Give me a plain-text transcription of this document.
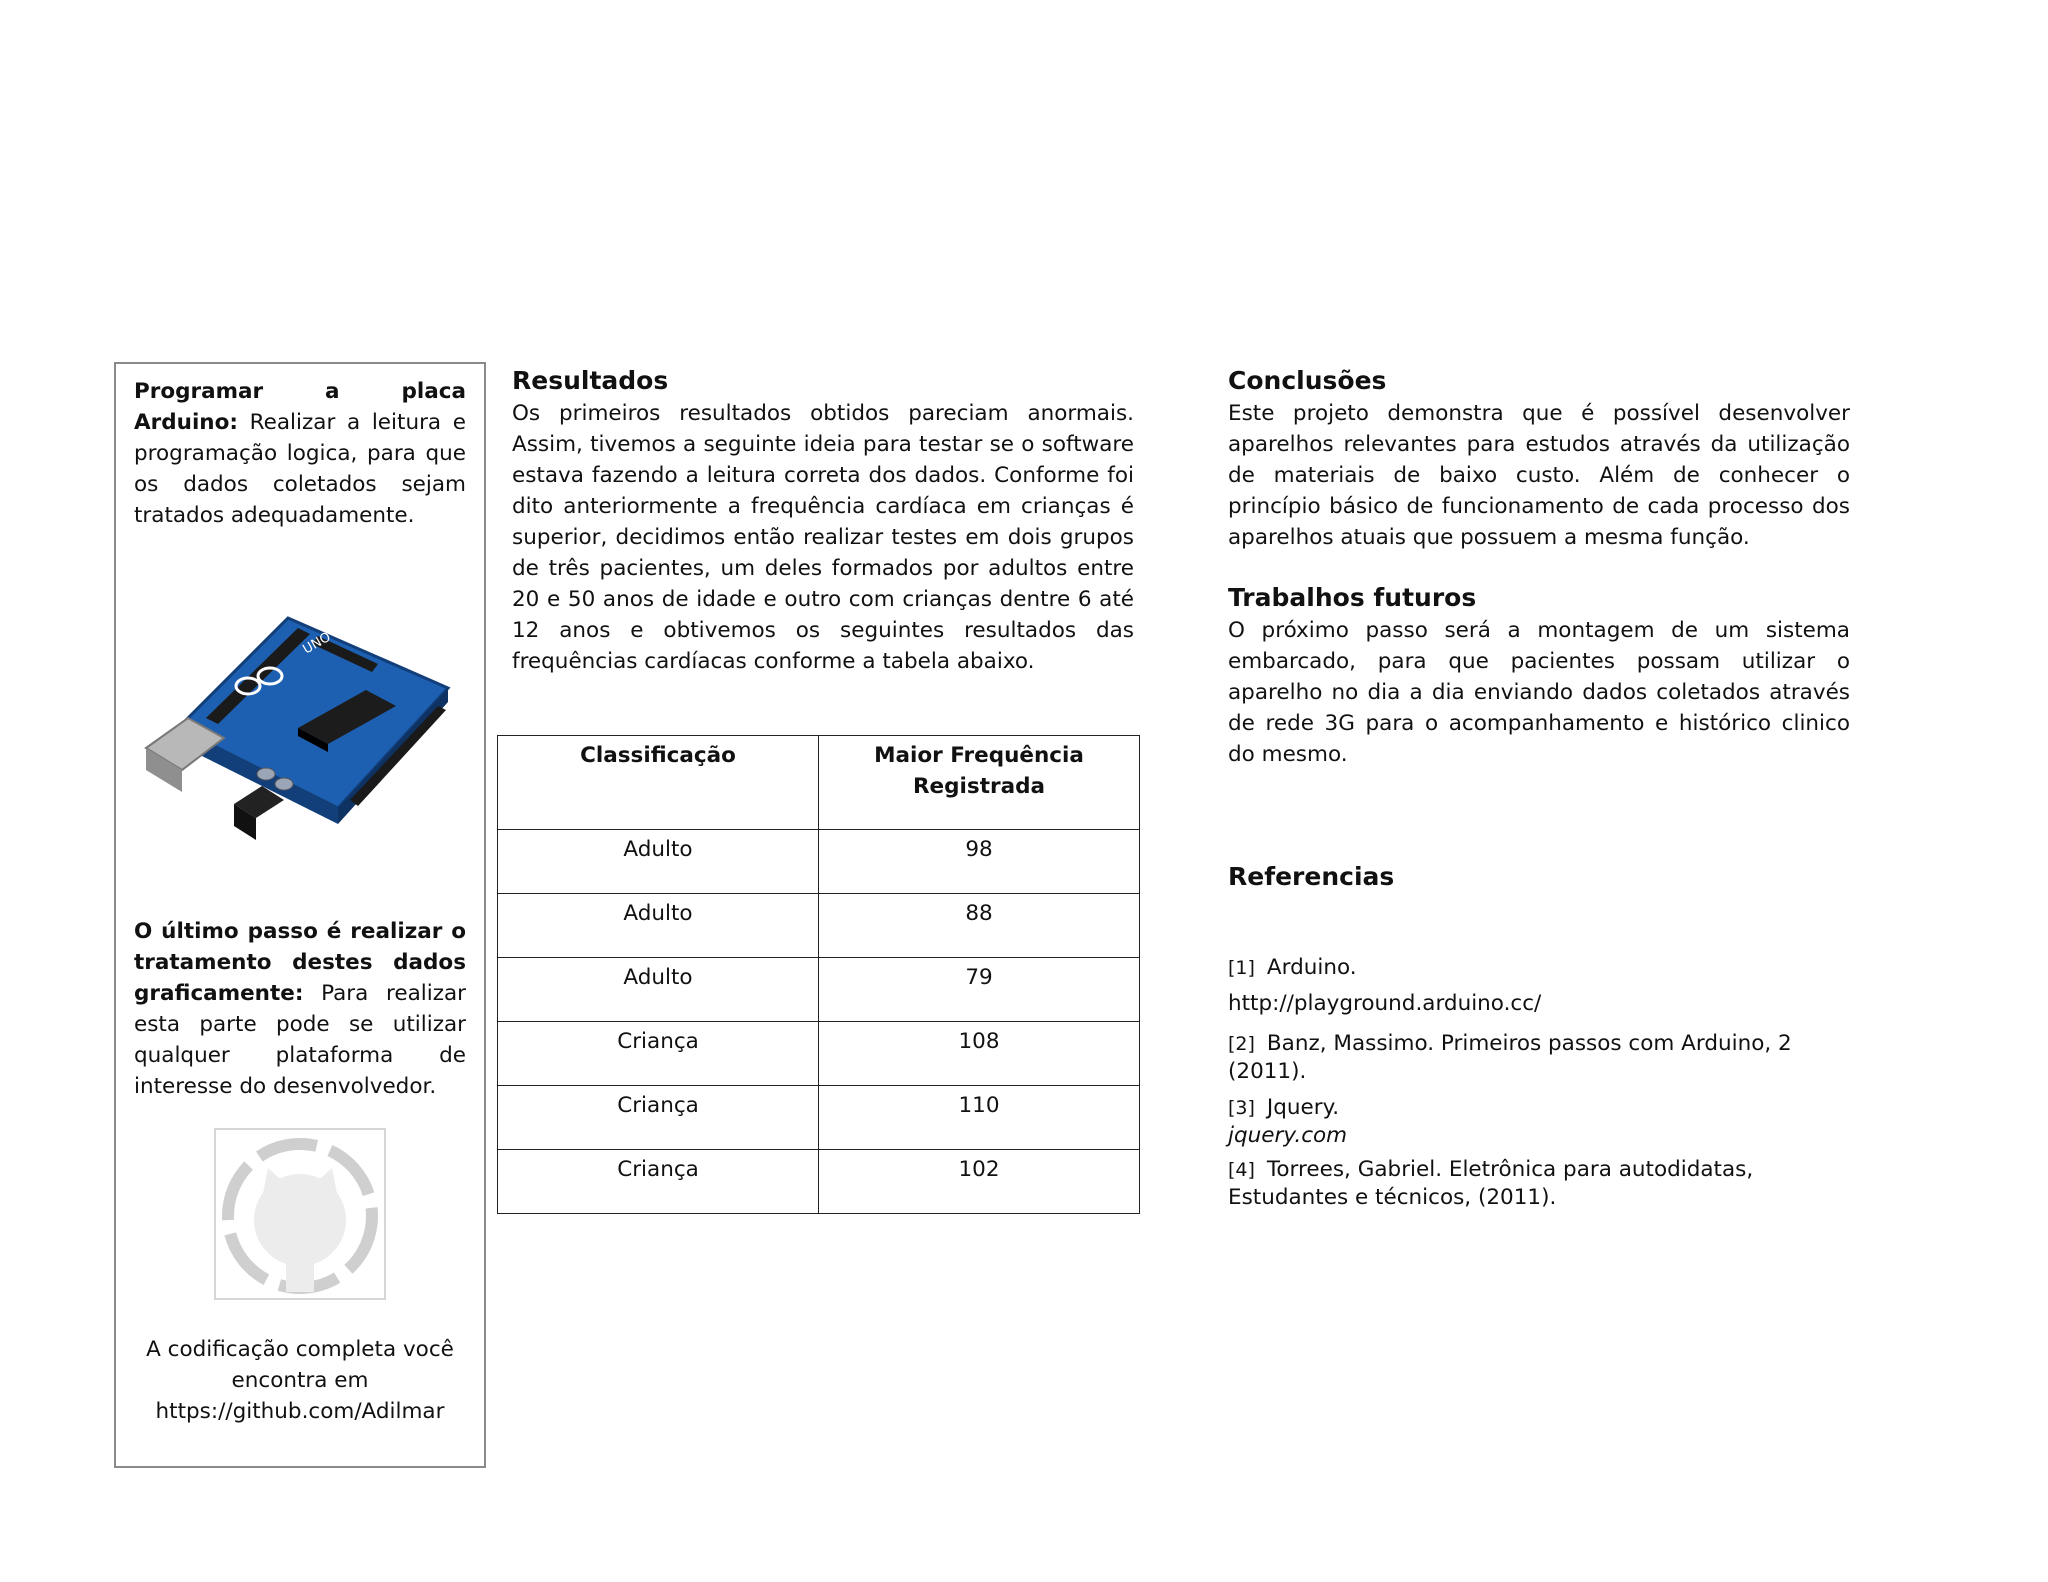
Programar a placa Arduino: Realizar a leitura e programação logica, para que os dados coletados sejam tratados adequadamente.
UNO
O último passo é realizar o tratamento destes dados graficamente: Para realizar esta parte pode se utilizar qualquer plataforma de interesse do desenvolvedor.
A codificação completa você
encontra em
https://github.com/Adilmar
Resultados
Os primeiros resultados obtidos pareciam anormais. Assim, tivemos a seguinte ideia para testar se o software estava fazendo a leitura correta dos dados. Conforme foi dito anteriormente a frequência cardíaca em crianças é superior, decidimos então realizar testes em dois grupos de três pacientes, um deles formados por adultos entre 20 e 50 anos de idade e outro com crianças dentre 6 até 12 anos e obtivemos os seguintes resultados das frequências cardíacas conforme a tabela abaixo.
Classificação	Maior Frequência Registrada
Adulto	98
Adulto	88
Adulto	79
Criança	108
Criança	110
Criança	102
Conclusões
Este projeto demonstra que é possível desenvolver aparelhos relevantes para estudos através da utilização de materiais de baixo custo. Além de conhecer o princípio básico de funcionamento de cada processo dos aparelhos atuais que possuem a mesma função.
Trabalhos futuros
O próximo passo será a montagem de um sistema embarcado, para que pacientes possam utilizar o aparelho no dia a dia enviando dados coletados através de rede 3G para o acompanhamento e histórico clinico do mesmo.
Referencias
[1] Arduino.
http://playground.arduino.cc/
[2] Banz, Massimo. Primeiros passos com Arduino, 2 (2011).
[3] Jquery.
jquery.com
[4] Torrees, Gabriel. Eletrônica para autodidatas, Estudantes e técnicos, (2011).
